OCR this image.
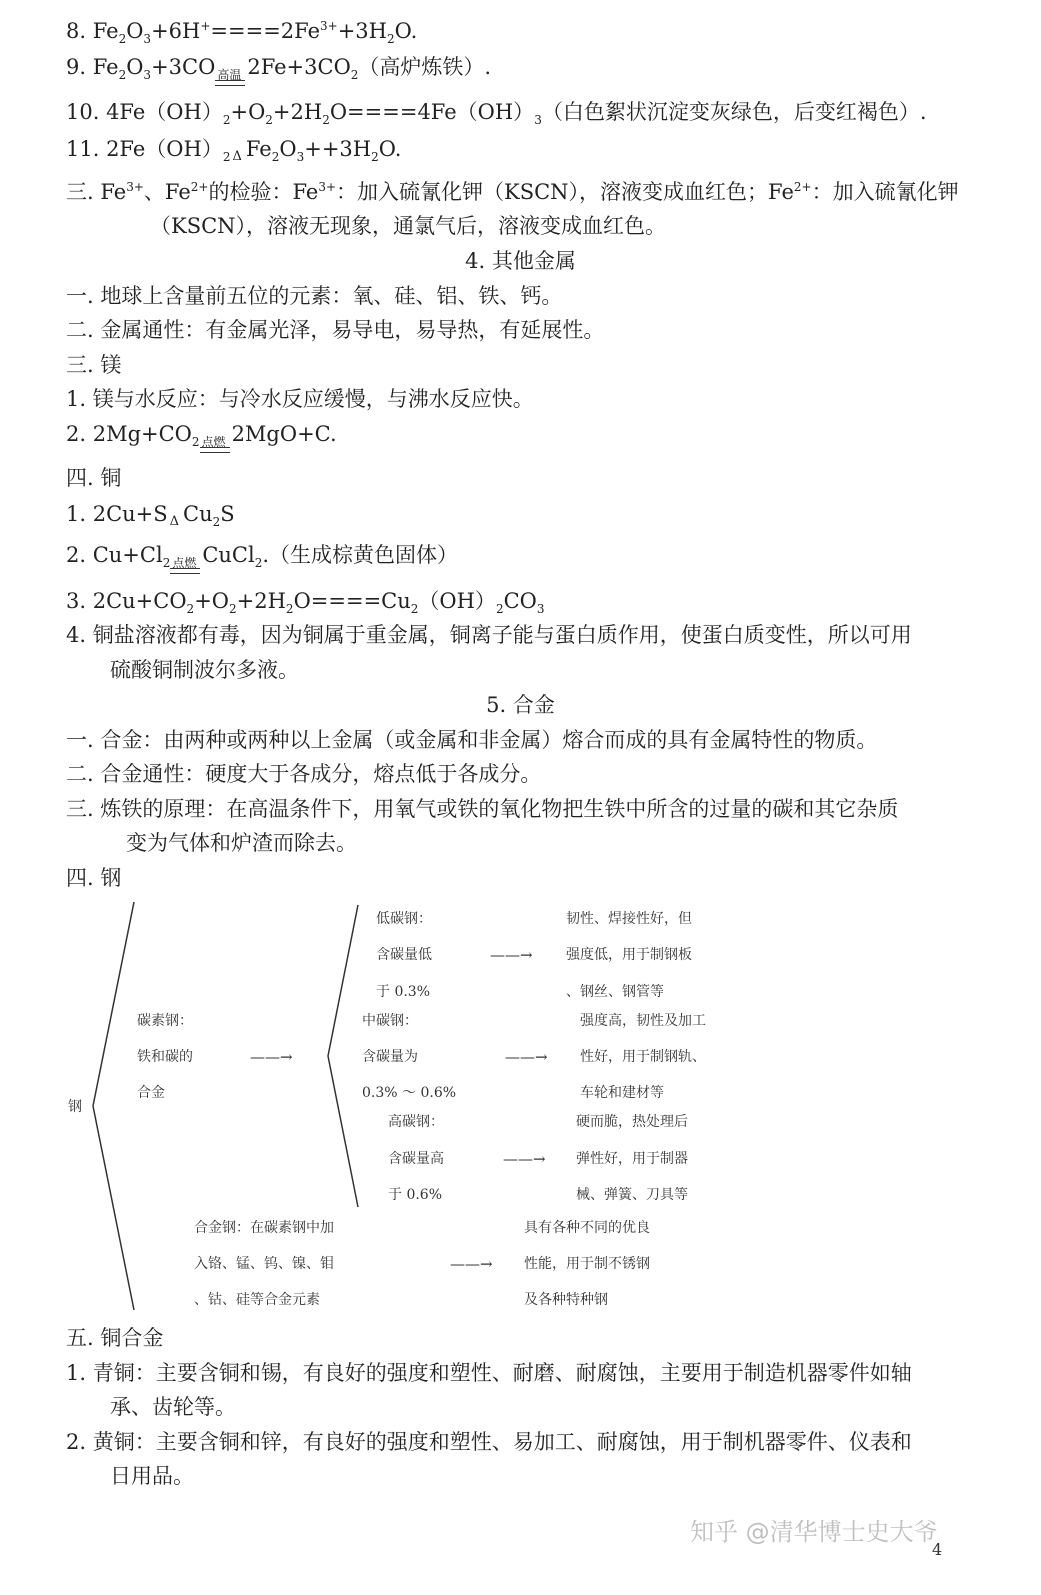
8. $Fe_2O_3+6H^+====2Fe^{3+}+3H_2O$.
9. $Fe_2O_3+3CO$ 高温 $2Fe+3CO_2$（高炉炼铁）.
10. $4Fe(OH)_2+O_2+2H_2O====4Fe(OH)_3$（白色絮状沉淀变灰绿色，后变红褐色）.
11. $2Fe(OH)_2$ Δ $Fe_2O_3++3H_2O$.
三. $Fe^{3+}$、$Fe^{2+}$的检验：$Fe^{3+}$：加入硫氰化钾（KSCN），溶液变成血红色；$Fe^{2+}$：加入硫氰化钾
（KSCN），溶液无现象，通氯气后，溶液变成血红色。
4. 其他金属
一. 地球上含量前五位的元素：氧、硅、铝、铁、钙。
二. 金属通性：有金属光泽，易导电，易导热，有延展性。
三. 镁
1. 镁与水反应：与冷水反应缓慢，与沸水反应快。
2. $2Mg+CO_2$ 点燃 2MgO+C.
四. 铜
1. 2Cu+S Δ $Cu_2S$
2. $Cu+Cl_2$ 点燃 CuCl$_2$.（生成棕黄色固体）
3. $2Cu+CO_2+O_2+2H_2O====Cu_2(OH)_2CO_3$
4. 铜盐溶液都有毒，因为铜属于重金属，铜离子能与蛋白质作用，使蛋白质变性，所以可用
硫酸铜制波尔多液。
5. 合金
一. 合金：由两种或两种以上金属（或金属和非金属）熔合而成的具有金属特性的物质。
二. 合金通性：硬度大于各成分，熔点低于各成分。
三. 炼铁的原理：在高温条件下，用氧气或铁的氧化物把生铁中所含的过量的碳和其它杂质
变为气体和炉渣而除去。
四. 钢
钢
碳素钢：
铁和碳的
合金
——→
低碳钢：
含碳量低
于 0.3%
——→
韧性、焊接性好，但
强度低，用于制钢板
、钢丝、钢管等
中碳钢：
含碳量为
0.3% ～ 0.6%
——→
强度高，韧性及加工
性好，用于制钢轨、
车轮和建材等
高碳钢：
含碳量高
于 0.6%
——→
硬而脆，热处理后
弹性好，用于制器
械、弹簧、刀具等
合金钢：在碳素钢中加
入铬、锰、钨、镍、钼
、钴、硅等合金元素
——→
具有各种不同的优良
性能，用于制不锈钢
及各种特种钢
五. 铜合金
1. 青铜：主要含铜和锡，有良好的强度和塑性、耐磨、耐腐蚀，主要用于制造机器零件如轴
承、齿轮等。
2. 黄铜：主要含铜和锌，有良好的强度和塑性、易加工、耐腐蚀，用于制机器零件、仪表和
日用品。
知乎 @清华博士史大爷
4
